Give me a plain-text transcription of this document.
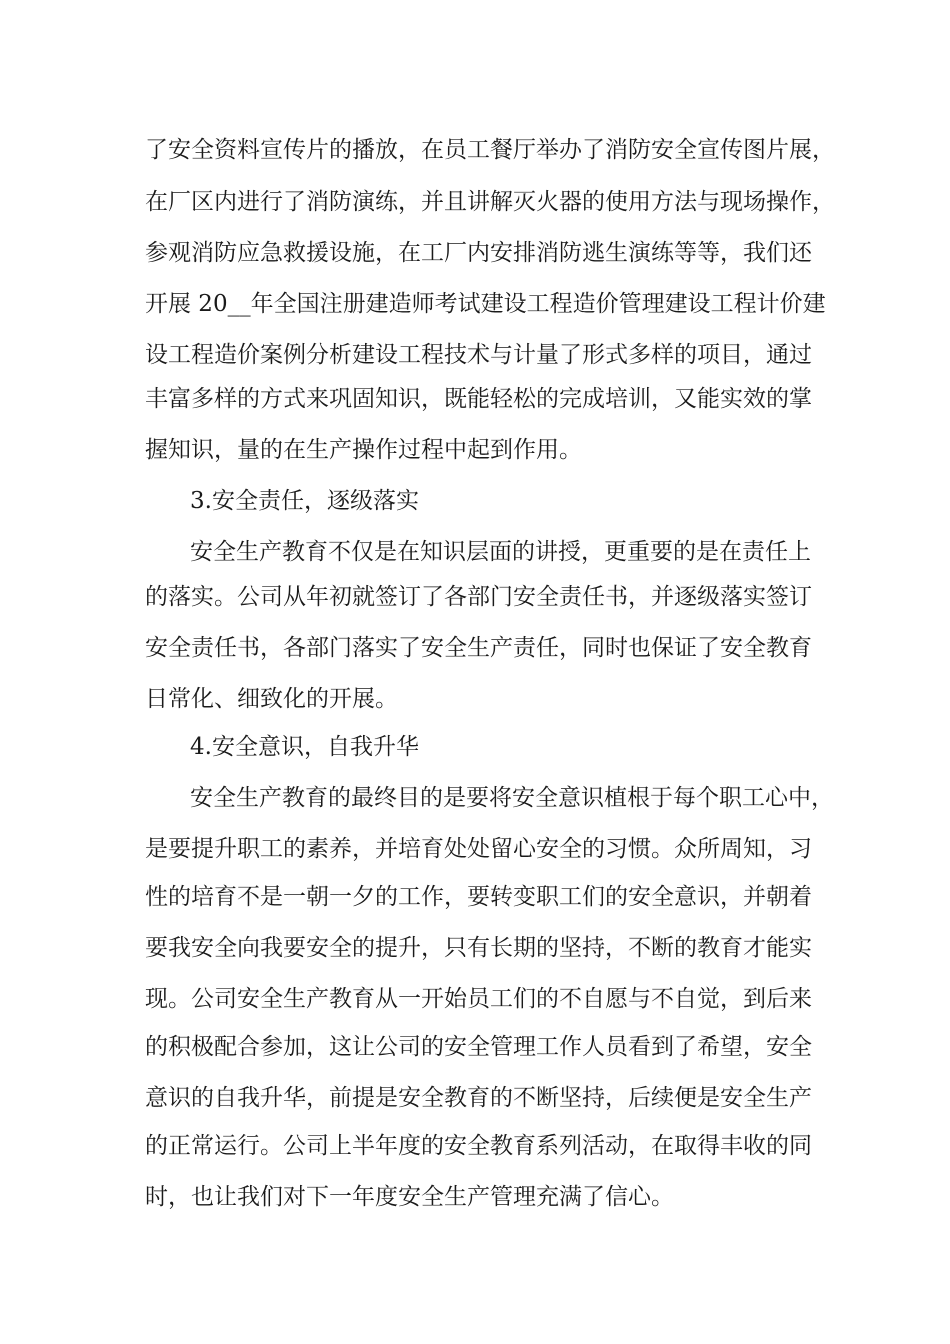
了安全资料宣传片的播放，在员工餐厅举办了消防安全宣传图片展，
在厂区内进行了消防演练，并且讲解灭火器的使用方法与现场操作，
参观消防应急救援设施，在工厂内安排消防逃生演练等等，我们还
开展 20__年全国注册建造师考试建设工程造价管理建设工程计价建
设工程造价案例分析建设工程技术与计量了形式多样的项目，通过
丰富多样的方式来巩固知识，既能轻松的完成培训，又能实效的掌
握知识，量的在生产操作过程中起到作用。
3.安全责任，逐级落实
安全生产教育不仅是在知识层面的讲授，更重要的是在责任上
的落实。公司从年初就签订了各部门安全责任书，并逐级落实签订
安全责任书，各部门落实了安全生产责任，同时也保证了安全教育
日常化、细致化的开展。
4.安全意识，自我升华
安全生产教育的最终目的是要将安全意识植根于每个职工心中，
是要提升职工的素养，并培育处处留心安全的习惯。众所周知，习
性的培育不是一朝一夕的工作，要转变职工们的安全意识，并朝着
要我安全向我要安全的提升，只有长期的坚持，不断的教育才能实
现。公司安全生产教育从一开始员工们的不自愿与不自觉，到后来
的积极配合参加，这让公司的安全管理工作人员看到了希望，安全
意识的自我升华，前提是安全教育的不断坚持，后续便是安全生产
的正常运行。公司上半年度的安全教育系列活动，在取得丰收的同
时，也让我们对下一年度安全生产管理充满了信心。
